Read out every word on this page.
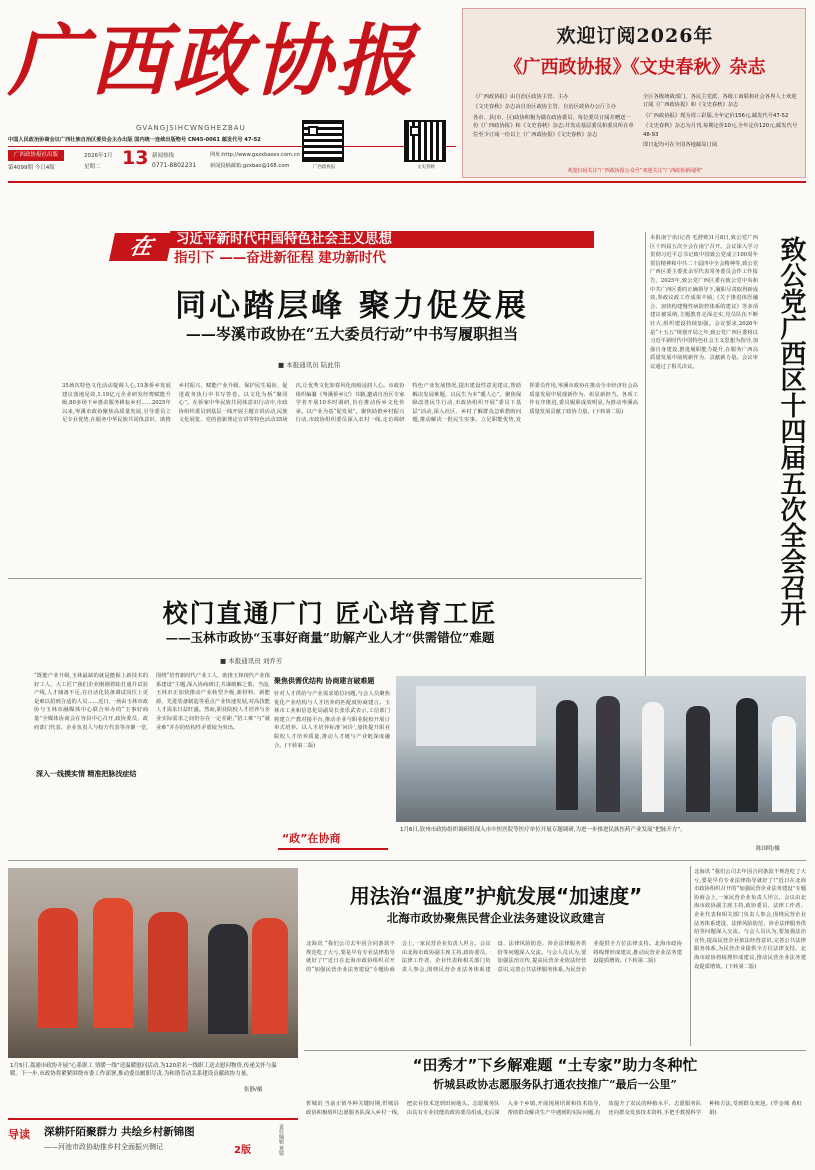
广西政协报
GVANGJSIHCWNGHEZBAU
中国人民政治协商会议广西壮族自治区委员会主办出版 国内统一连续出版物号 CN45-0061 邮发代号 47-52
广西政协报社出版
第4099期 今日4版
2026年1月 13
星期二
新闻热线
0771-8802231
网址:http://www.gxzxbaoxs.com.cn
新闻投稿邮箱:gzxbao@168.com	广西政协报	文史春秋
欢迎订阅2026年
《广西政协报》《文史春秋》杂志
《广西政协报》由自治区政协主管、主办
《文史春秋》杂志由自治区政协主管、自治区政协办公厅主办
各市、县(市、区)政协积极为做在政协委员、每位委员订阅并赠送一份《广西政协报》和《文史春秋》杂志;并发动基层委员和委员所在单位至少订阅一份以上《广西政协报》《文史春秋》杂志
全区各级统战部门、各民主党派、各级工商联和社会各界人士欢迎订阅《广西政协报》和《文史春秋》杂志
《广西政协报》现为周三彩版,全年定价156元,邮发代号47-52
《文史春秋》杂志为月刊,每期定价10元,全年定价120元,邮发代号48-93
即日起均可在全国各地邮局订阅
欢迎扫码关注“广西政协报公众号”欢迎关注“广西政协新闻网”
在	习近平新时代中国特色社会主义思想
指引下 ——奋进新征程 建功新时代
同心踏层峰 聚力促发展
——岑溪市政协在“五大委员行动”中书写履职担当
■ 本报通讯员 陆此伟
35场次特色文化活动提调人心,15条侨乡发展建议落地见效,1.19亿元企业研发经费赋能升级,80多场下乡惠农服务耕耘乡村……2025年以来,岑溪市政协聚焦高质量发展,引导委员立足专业优势,在服务中华民族共同体意识、助推乡村振兴、赋能产业升级、保护民生福祉、促进政务执行中书写答卷。以文化为桥“聚同心”。在侨家中华民族共同体意识行动中,市政协组织委员到基层一线开展主题宣讲活动,民族文化展览、党的创新理论宣讲等特色活动35场次,让优秀文化如春风化雨般浸润人心。市政协组织编纂《岑溪侨乡记》书籍,邀请自治区专家学者开展10本时调研,旨在推动侨乡文化传承。以产业为基“促发展”。聚焦助推乡村振兴行动,市政协组织委员深入农村一线,走访调研特色产业发展情况,提出建设性意见建议,帮助解决发展难题。以民生为本“暖人心”。聚焦保障改善民生行动,市政协组织开展“委员下基层”活动,深入社区、乡村了解群众急难愁盼问题,推动解决一批民生实事。立足职能优势,发挥委员作用,岑溪市政协在推动全市经济社会高质量发展中展现新作为、彰显新担当。各项工作有序推进,委员履职成效明显,为推动岑溪高质量发展贡献了政协力量。(下转第二版)
本报南宁讯(记者 毛舒欧)1月8日,致公党广西区十四届五次全会在南宁召开。会议深入学习贯彻习近平总书记致中国致公党成立100周年贺信精神和中共二十届四中全会精神等,致公党广西区委主委张余军代表常务委员会作工作报告。2025年,致公党广西区委在致公党中央和中共广西区委的正确领导下,履职尽责取得新成效,参政议政工作成果丰硕,《关于推进体医融合、加快构建慢性病防控体系的建议》等多项建议被采纳,主题教育走深走实,党员队伍不断壮大,组织建设持续加强。会议要求,2026年是“十五五”规划开局之年,致公党广西区委将以习近平新时代中国特色社会主义思想为指导,加强自身建设,推进履职能力提升,在服务广西高质量发展中展现新作为、贡献新力量。会议审议通过了相关决议。	致公党广西区十四届五次全会召开
校门直通厂门 匠心培育工匠
——玉林市政协“玉事好商量”助解产业人才“供需错位”难题
■ 本报通讯员 刘乔芳
“既能产业升级,玉林最缺的就是能握上新技术的好工人、大工匠!”我们企业刚刚着陆打通并试验产线,人才储备不足,在自动化装备调试岗位上更是难以招到合适的人员……近日,一场由玉林市政协与玉林市融媒体中心联合举办的“玉事好商量”全媒体协商会在容县中心召开,政协委员、政府部门代表、企业负责人与校方代表等齐聚一堂,围绕“培育新时代产业工人、助推玉林现代产业体系建设”主题,深入协商研讨,共谋破解之策。当前,玉林市正加快推动产业转型升级,新材料、新能源、先进装备制造等重点产业快速发展,对高技能人才需求日益旺盛。然而,职业院校人才培养与企业实际需求之间仍存在一定差距,“招工难”与“就业难”并存的结构性矛盾较为突出。
深入一线摸实情 精准把脉找症结
聚焦供需优结构 协商建言破难题
针对人才供给与产业需求错位问题,与会人员聚焦优化产业结构与人才培养的匹配度协商建言。玉林市工业和信息化局副局长张乐武表示,工信部门将建立产教对接平台,推动企业与职业院校开展订单式培养。以人才培养标准‘问诊’,加快提升职业院校人才培养质量,推动人才链与产业链深度融合。(下转第二版)
“政”在协商
1月6日,钦州市政协组织调研组深入市中医医院等医疗单位开展专题调研,为进一步推进民族医药产业发展“把脉开方”。
陈国明/摄
1月5日,荔浦市政协开展“心系职工 情暖一线”送温暖慰问活动,为120余名一线职工送去慰问物资,传递关怀与温暖。下一步,市政协将紧紧围绕市委工作部署,推动委员履职尽责,为和谐劳动关系建设贡献政协力量。
张静/摄
用法治“温度”护航发展“加速度”
北海市政协聚焦民营企业法务建设议政建言
北海讯 “我们公司去年因合同条款不规范吃了大亏,要是早有专业法律指导就好了!”近日在北海市政协组织召开的“加强民营企业法务建设”专题协商会上,一家民营企业负责人坦言。会议由北海市政协副主席主持,政协委员、法律工作者、企业代表和相关部门负责人参会,围绕民营企业法务体系建设、法律风险防范、涉企法律服务供给等问题深入交流。与会人员认为,要加强法治宣传,提高民营企业依法经营意识,完善公共法律服务体系,为民营企业提供全方位法律支持。北海市政协将梳理形成建议,推动民营企业法务建设提质增效。(下转第二版)
北海讯 “我们公司去年因合同条款不规范吃了大亏,要是早有专业法律指导就好了!”近日在北海市政协组织召开的“加强民营企业法务建设”专题协商会上,一家民营企业负责人坦言。会议由北海市政协副主席主持,政协委员、法律工作者、企业代表和相关部门负责人参会,围绕民营企业法务体系建设、法律风险防范、涉企法律服务供给等问题深入交流。与会人员认为,要加强法治宣传,提高民营企业依法经营意识,完善公共法律服务体系,为民营企业提供全方位法律支持。北海市政协将梳理形成建议,推动民营企业法务建设提质增效。(下转第二版)
“田秀才”下乡解难题 “土专家”助力冬种忙
忻城县政协志愿服务队打通农技推广“最后一公里”
忻城讯 当前正值冬种关键时期,忻城县政协积极组织志愿服务队深入乡村一线,把农业技术送到田间地头。志愿服务队由具有专业技能的政协委员组成,先后深入多个乡镇,开展现场培训和技术指导,帮助群众解决生产中遇到的实际问题,有效提升了农民的种植水平。志愿服务队还向群众发放技术资料,手把手教授科学种植方法,受到群众欢迎。(罗金城 黄虹娟)
导读	深耕阡陌聚群力 共绘乡村新锦图
——河池市政协助推乡村全面振兴侧记	2版	责任编辑 黄镜
